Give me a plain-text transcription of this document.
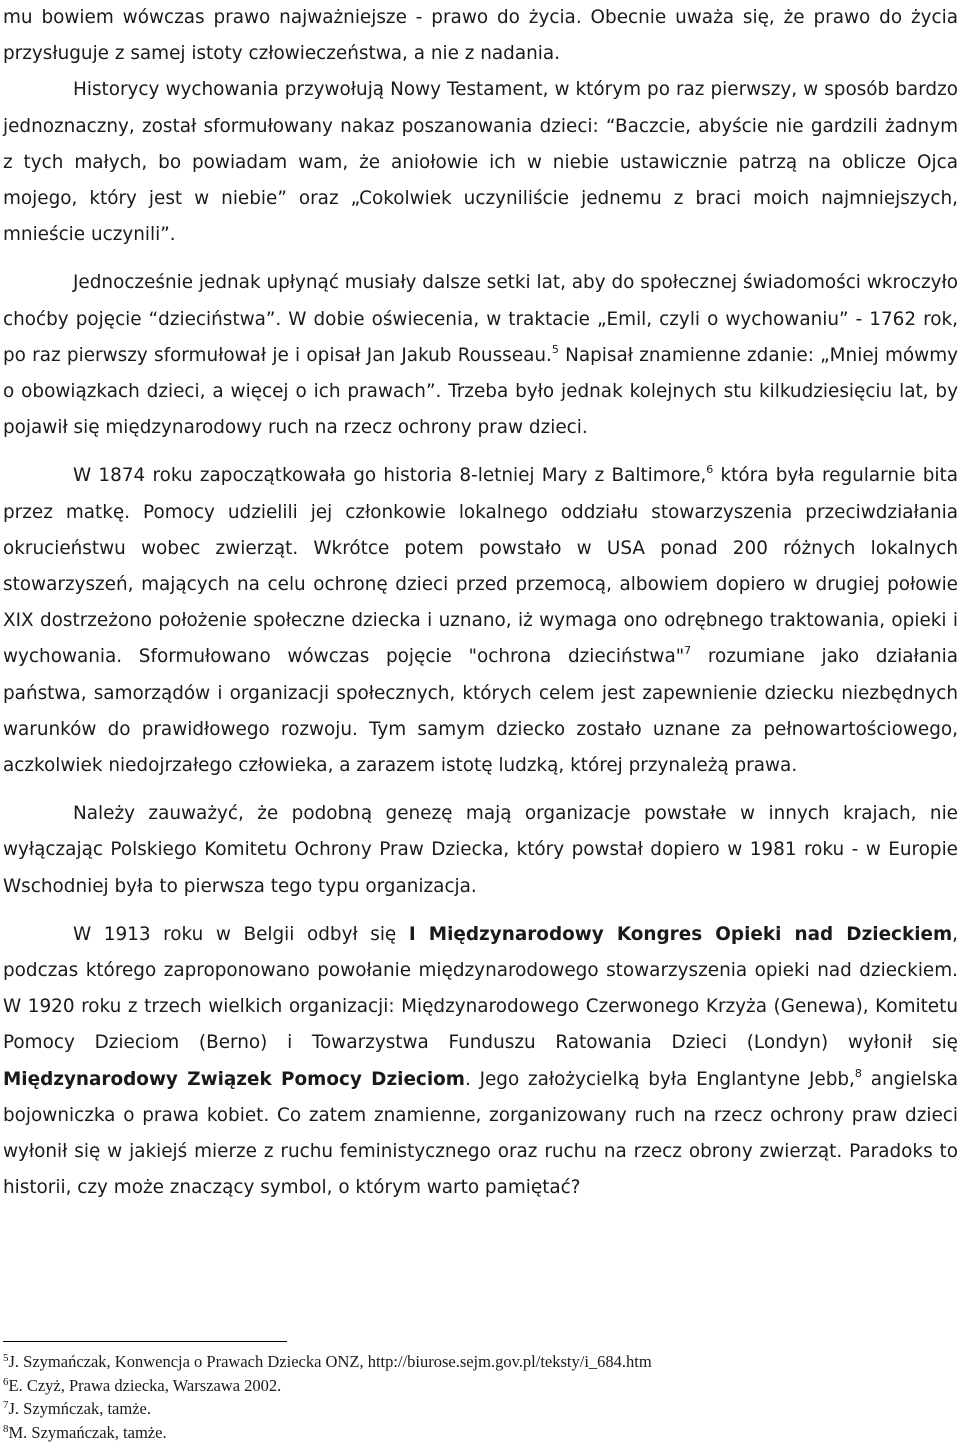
mu bowiem wówczas prawo najważniejsze - prawo do życia. Obecnie uważa się, że prawo do życia przysługuje z samej istoty człowieczeństwa, a nie z nadania.

Historycy wychowania przywołują Nowy Testament, w którym po raz pierwszy, w sposób bardzo jednoznaczny, został sformułowany nakaz poszanowania dzieci: “Baczcie, abyście nie gardzili żadnym z tych małych, bo powiadam wam, że aniołowie ich w niebie ustawicznie patrzą na oblicze Ojca mojego, który jest w niebie” oraz „Cokolwiek uczyniliście jednemu z braci moich najmniejszych, mnieście uczynili”.

Jednocześnie jednak upłynąć musiały dalsze setki lat, aby do społecznej świadomości wkroczyło choćby pojęcie “dzieciństwa”. W dobie oświecenia, w traktacie „Emil, czyli o wychowaniu” - 1762 rok, po raz pierwszy sformułował je i opisał Jan Jakub Rousseau.$^5$ Napisał znamienne zdanie: „Mniej mówmy o obowiązkach dzieci, a więcej o ich prawach”. Trzeba było jednak kolejnych stu kilkudziesięciu lat, by pojawił się międzynarodowy ruch na rzecz ochrony praw dzieci.

W 1874 roku zapoczątkowała go historia 8-letniej Mary z Baltimore,$^6$ która była regularnie bita przez matkę. Pomocy udzielili jej członkowie lokalnego oddziału stowarzyszenia przeciwdziałania okrucieństwu wobec zwierząt. Wkrótce potem powstało w USA ponad 200 różnych lokalnych stowarzyszeń, mających na celu ochronę dzieci przed przemocą, albowiem dopiero w drugiej połowie XIX dostrzeżono położenie społeczne dziecka i uznano, iż wymaga ono odrębnego traktowania, opieki i wychowania. Sformułowano wówczas pojęcie "ochrona dzieciństwa"$^7$ rozumiane jako działania państwa, samorządów i organizacji społecznych, których celem jest zapewnienie dziecku niezbędnych warunków do prawidłowego rozwoju. Tym samym dziecko zostało uznane za pełnowartościowego, aczkolwiek niedojrzałego człowieka, a zarazem istotę ludzką, której przynależą prawa.

Należy zauważyć, że podobną genezę mają organizacje powstałe w innych krajach, nie wyłączając Polskiego Komitetu Ochrony Praw Dziecka, który powstał dopiero w 1981 roku - w Europie Wschodniej była to pierwsza tego typu organizacja.

W 1913 roku w Belgii odbył się I Międzynarodowy Kongres Opieki nad Dzieckiem, podczas którego zaproponowano powołanie międzynarodowego stowarzyszenia opieki nad dzieckiem. W 1920 roku z trzech wielkich organizacji: Międzynarodowego Czerwonego Krzyża (Genewa), Komitetu Pomocy Dzieciom (Berno) i Towarzystwa Funduszu Ratowania Dzieci (Londyn) wyłonił się Międzynarodowy Związek Pomocy Dzieciom. Jego założycielką była Englantyne Jebb,$^8$ angielska bojowniczka o prawa kobiet. Co zatem znamienne, zorganizowany ruch na rzecz ochrony praw dzieci wyłonił się w jakiejś mierze z ruchu feministycznego oraz ruchu na rzecz obrony zwierząt. Paradoks to historii, czy może znaczący symbol, o którym warto pamiętać?

$^5$J. Szymańczak, Konwencja o Prawach Dziecka ONZ, http://biurose.sejm.gov.pl/teksty/i_684.htm
$^6$E. Czyż, Prawa dziecka, Warszawa 2002.
$^7$J. Szymńczak, tamże.
$^8$M. Szymańczak, tamże.
